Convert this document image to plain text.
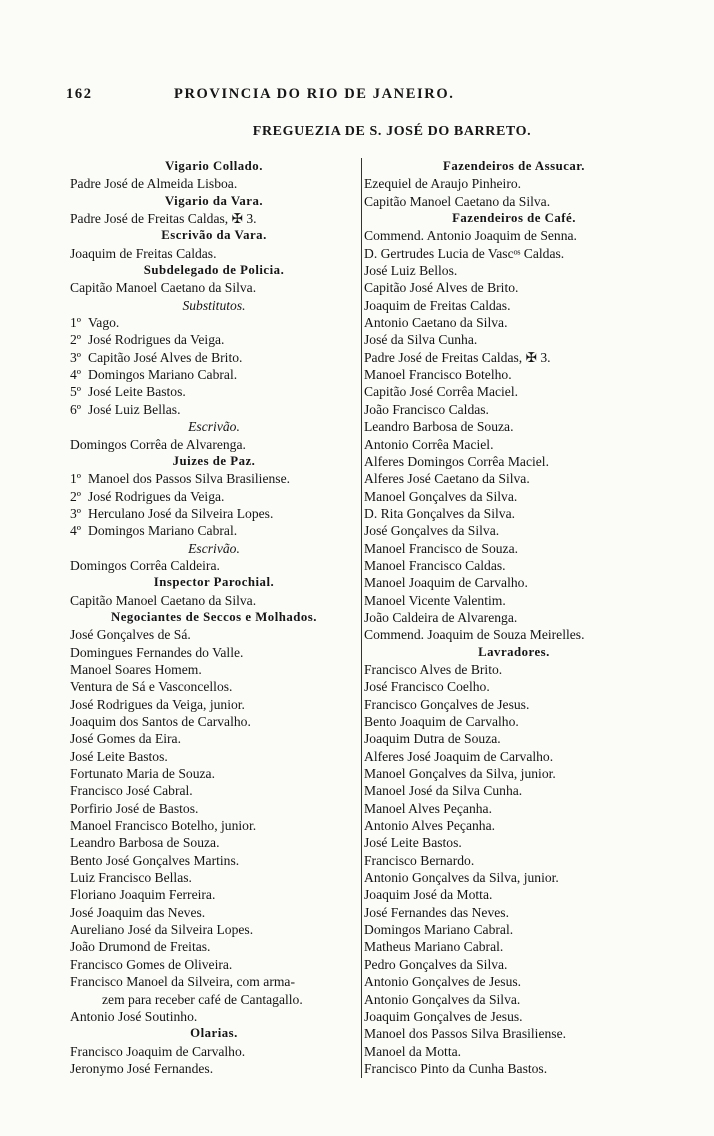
162	PROVINCIA DO RIO DE JANEIRO.
FREGUEZIA DE S. JOSÉ DO BARRETO.
Vigario Collado.
Padre José de Almeida Lisboa.
Vigario da Vara.
Padre José de Freitas Caldas, ✠ 3.
Escrivão da Vara.
Joaquim de Freitas Caldas.
Subdelegado de Policia.
Capitão Manoel Caetano da Silva.
Substitutos.
1º Vago.
2º José Rodrigues da Veiga.
3º Capitão José Alves de Brito.
4º Domingos Mariano Cabral.
5º José Leite Bastos.
6º José Luiz Bellas.
Escrivão.
Domingos Corrêa de Alvarenga.
Juizes de Paz.
1º Manoel dos Passos Silva Brasiliense.
2º José Rodrigues da Veiga.
3º Herculano José da Silveira Lopes.
4º Domingos Mariano Cabral.
Escrivão.
Domingos Corrêa Caldeira.
Inspector Parochial.
Capitão Manoel Caetano da Silva.
Negociantes de Seccos e Molhados.
José Gonçalves de Sá.
Domingues Fernandes do Valle.
Manoel Soares Homem.
Ventura de Sá e Vasconcellos.
José Rodrigues da Veiga, junior.
Joaquim dos Santos de Carvalho.
José Gomes da Eira.
José Leite Bastos.
Fortunato Maria de Souza.
Francisco José Cabral.
Porfirio José de Bastos.
Manoel Francisco Botelho, junior.
Leandro Barbosa de Souza.
Bento José Gonçalves Martins.
Luiz Francisco Bellas.
Floriano Joaquim Ferreira.
José Joaquim das Neves.
Aureliano José da Silveira Lopes.
João Drumond de Freitas.
Francisco Gomes de Oliveira.
Francisco Manoel da Silveira, com arma-
zem para receber café de Cantagallo.
Antonio José Soutinho.
Olarias.
Francisco Joaquim de Carvalho.
Jeronymo José Fernandes.
Fazendeiros de Assucar.
Ezequiel de Araujo Pinheiro.
Capitão Manoel Caetano da Silva.
Fazendeiros de Café.
Commend. Antonio Joaquim de Senna.
D. Gertrudes Lucia de Vascᵒˢ Caldas.
José Luiz Bellos.
Capitão José Alves de Brito.
Joaquim de Freitas Caldas.
Antonio Caetano da Silva.
José da Silva Cunha.
Padre José de Freitas Caldas, ✠ 3.
Manoel Francisco Botelho.
Capitão José Corrêa Maciel.
João Francisco Caldas.
Leandro Barbosa de Souza.
Antonio Corrêa Maciel.
Alferes Domingos Corrêa Maciel.
Alferes José Caetano da Silva.
Manoel Gonçalves da Silva.
D. Rita Gonçalves da Silva.
José Gonçalves da Silva.
Manoel Francisco de Souza.
Manoel Francisco Caldas.
Manoel Joaquim de Carvalho.
Manoel Vicente Valentim.
João Caldeira de Alvarenga.
Commend. Joaquim de Souza Meirelles.
Lavradores.
Francisco Alves de Brito.
José Francisco Coelho.
Francisco Gonçalves de Jesus.
Bento Joaquim de Carvalho.
Joaquim Dutra de Souza.
Alferes José Joaquim de Carvalho.
Manoel Gonçalves da Silva, junior.
Manoel José da Silva Cunha.
Manoel Alves Peçanha.
Antonio Alves Peçanha.
José Leite Bastos.
Francisco Bernardo.
Antonio Gonçalves da Silva, junior.
Joaquim José da Motta.
José Fernandes das Neves.
Domingos Mariano Cabral.
Matheus Mariano Cabral.
Pedro Gonçalves da Silva.
Antonio Gonçalves de Jesus.
Antonio Gonçalves da Silva.
Joaquim Gonçalves de Jesus.
Manoel dos Passos Silva Brasiliense.
Manoel da Motta.
Francisco Pinto da Cunha Bastos.
